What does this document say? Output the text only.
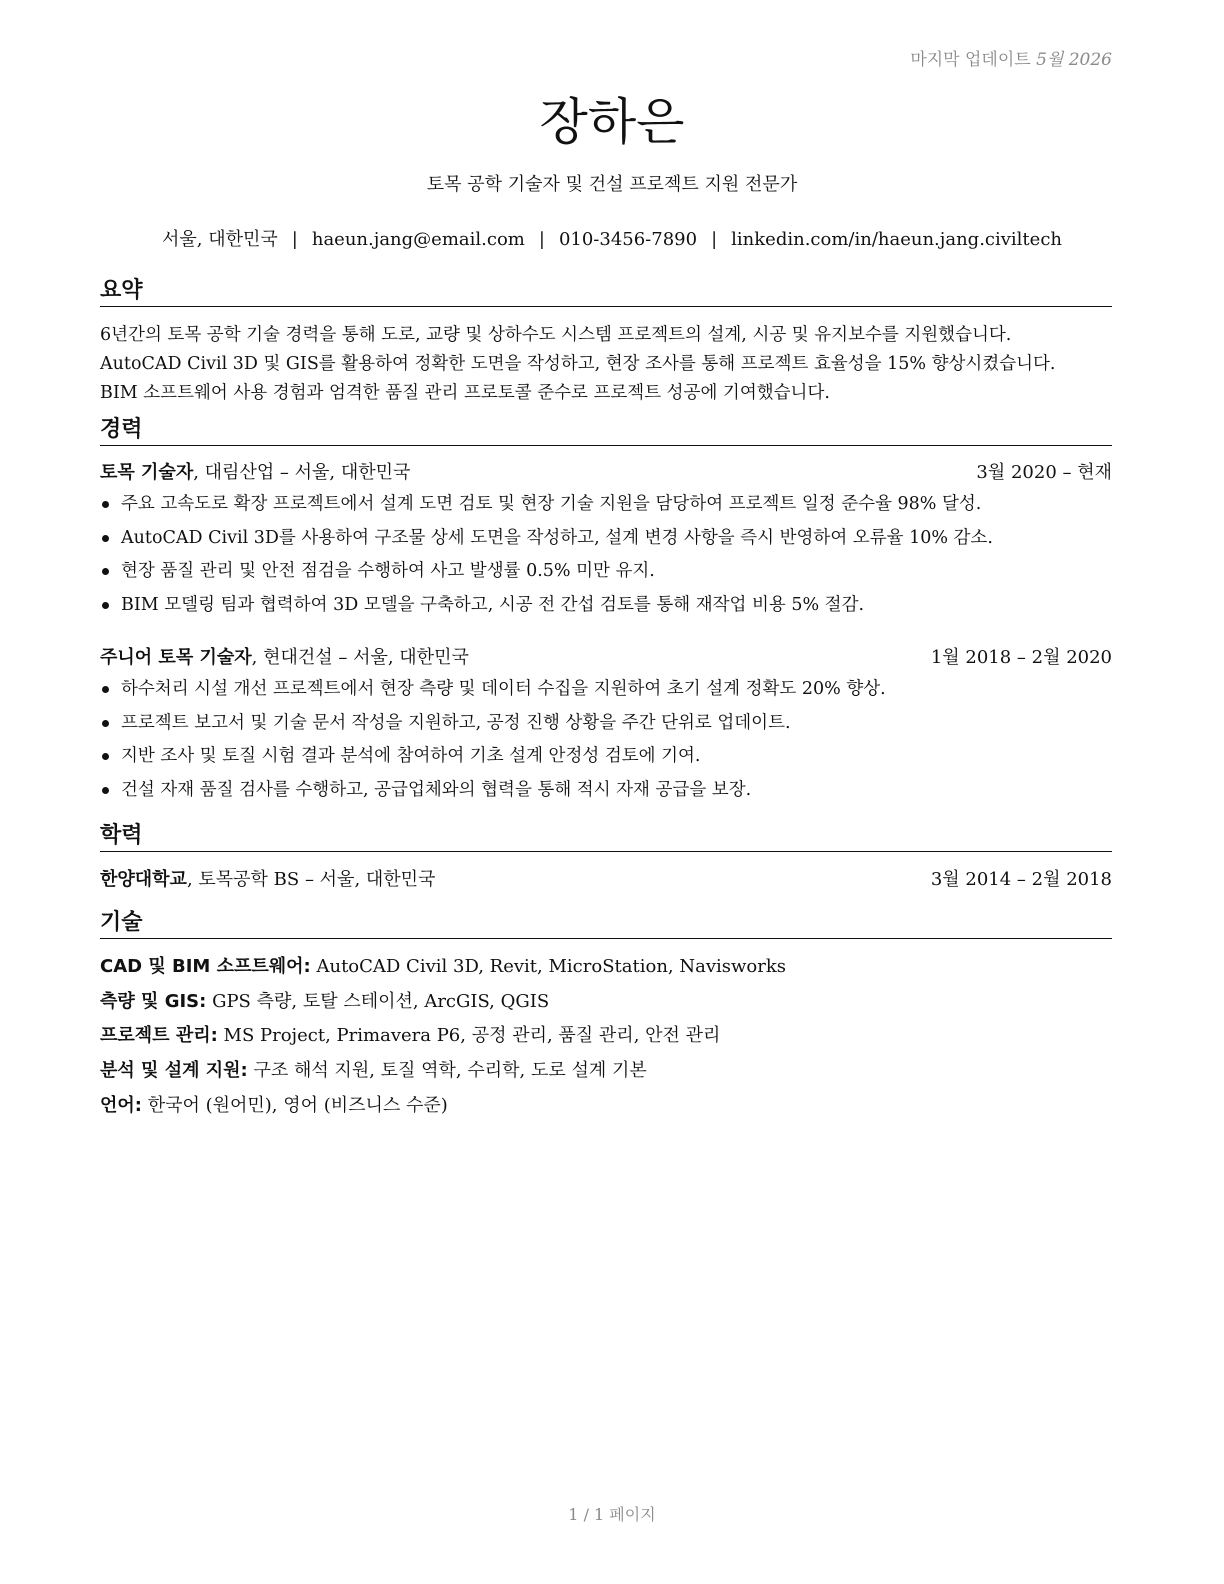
마지막 업데이트 5월 2026
장하은
토목 공학 기술자 및 건설 프로젝트 지원 전문가
서울, 대한민국 | haeun.jang@email.com | 010-3456-7890 | linkedin.com/in/haeun.jang.civiltech
요약

6년간의 토목 공학 기술 경력을 통해 도로, 교량 및 상하수도 시스템 프로젝트의 설계, 시공 및 유지보수를 지원했습니다.

AutoCAD Civil 3D 및 GIS를 활용하여 정확한 도면을 작성하고, 현장 조사를 통해 프로젝트 효율성을 15% 향상시켰습니다.

BIM 소프트웨어 사용 경험과 엄격한 품질 관리 프로토콜 준수로 프로젝트 성공에 기여했습니다.

경력
토목 기술자, 대림산업 – 서울, 대한민국	3월 2020 – 현재
주요 고속도로 확장 프로젝트에서 설계 도면 검토 및 현장 기술 지원을 담당하여 프로젝트 일정 준수율 98% 달성.
AutoCAD Civil 3D를 사용하여 구조물 상세 도면을 작성하고, 설계 변경 사항을 즉시 반영하여 오류율 10% 감소.
현장 품질 관리 및 안전 점검을 수행하여 사고 발생률 0.5% 미만 유지.
BIM 모델링 팀과 협력하여 3D 모델을 구축하고, 시공 전 간섭 검토를 통해 재작업 비용 5% 절감.
주니어 토목 기술자, 현대건설 – 서울, 대한민국	1월 2018 – 2월 2020
하수처리 시설 개선 프로젝트에서 현장 측량 및 데이터 수집을 지원하여 초기 설계 정확도 20% 향상.
프로젝트 보고서 및 기술 문서 작성을 지원하고, 공정 진행 상황을 주간 단위로 업데이트.
지반 조사 및 토질 시험 결과 분석에 참여하여 기초 설계 안정성 검토에 기여.
건설 자재 품질 검사를 수행하고, 공급업체와의 협력을 통해 적시 자재 공급을 보장.
학력
한양대학교, 토목공학 BS – 서울, 대한민국	3월 2014 – 2월 2018
기술
CAD 및 BIM 소프트웨어: AutoCAD Civil 3D, Revit, MicroStation, Navisworks
측량 및 GIS: GPS 측량, 토탈 스테이션, ArcGIS, QGIS
프로젝트 관리: MS Project, Primavera P6, 공정 관리, 품질 관리, 안전 관리
분석 및 설계 지원: 구조 해석 지원, 토질 역학, 수리학, 도로 설계 기본
언어: 한국어 (원어민), 영어 (비즈니스 수준)
1 / 1 페이지
